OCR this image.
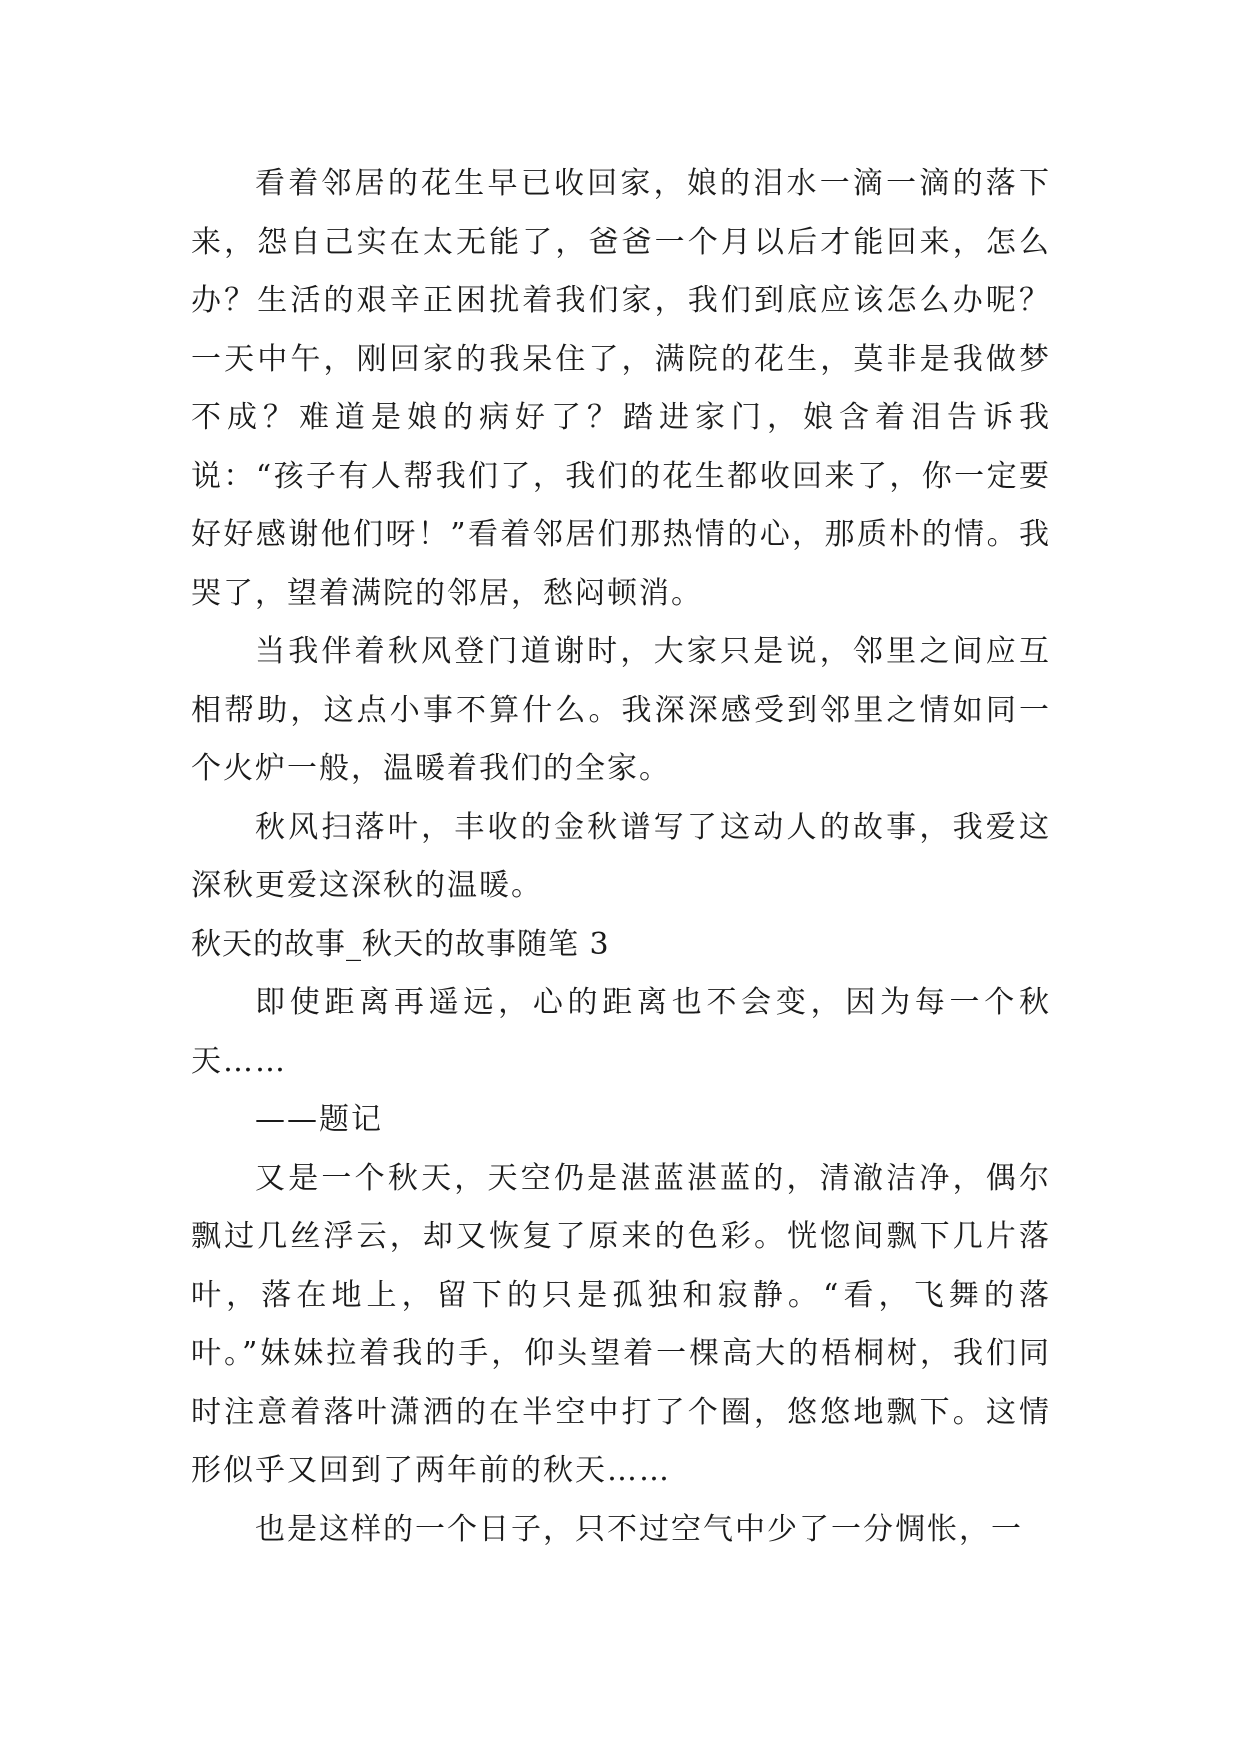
看着邻居的花生早已收回家，娘的泪水一滴一滴的落下来，怨自己实在太无能了，爸爸一个月以后才能回来，怎么办？生活的艰辛正困扰着我们家，我们到底应该怎么办呢？一天中午，刚回家的我呆住了，满院的花生，莫非是我做梦不成？难道是娘的病好了？踏进家门，娘含着泪告诉我说：“孩子有人帮我们了，我们的花生都收回来了，你一定要好好感谢他们呀！”看着邻居们那热情的心，那质朴的情。我哭了，望着满院的邻居，愁闷顿消。

当我伴着秋风登门道谢时，大家只是说，邻里之间应互相帮助，这点小事不算什么。我深深感受到邻里之情如同一个火炉一般，温暖着我们的全家。

秋风扫落叶，丰收的金秋谱写了这动人的故事，我爱这深秋更爱这深秋的温暖。

秋天的故事_秋天的故事随笔 3

即使距离再遥远，心的距离也不会变，因为每一个秋天……

——题记

又是一个秋天，天空仍是湛蓝湛蓝的，清澈洁净，偶尔飘过几丝浮云，却又恢复了原来的色彩。恍惚间飘下几片落叶，落在地上，留下的只是孤独和寂静。“看，飞舞的落叶。”妹妹拉着我的手，仰头望着一棵高大的梧桐树，我们同时注意着落叶潇洒的在半空中打了个圈，悠悠地飘下。这情形似乎又回到了两年前的秋天……

也是这样的一个日子，只不过空气中少了一分惆怅，一
